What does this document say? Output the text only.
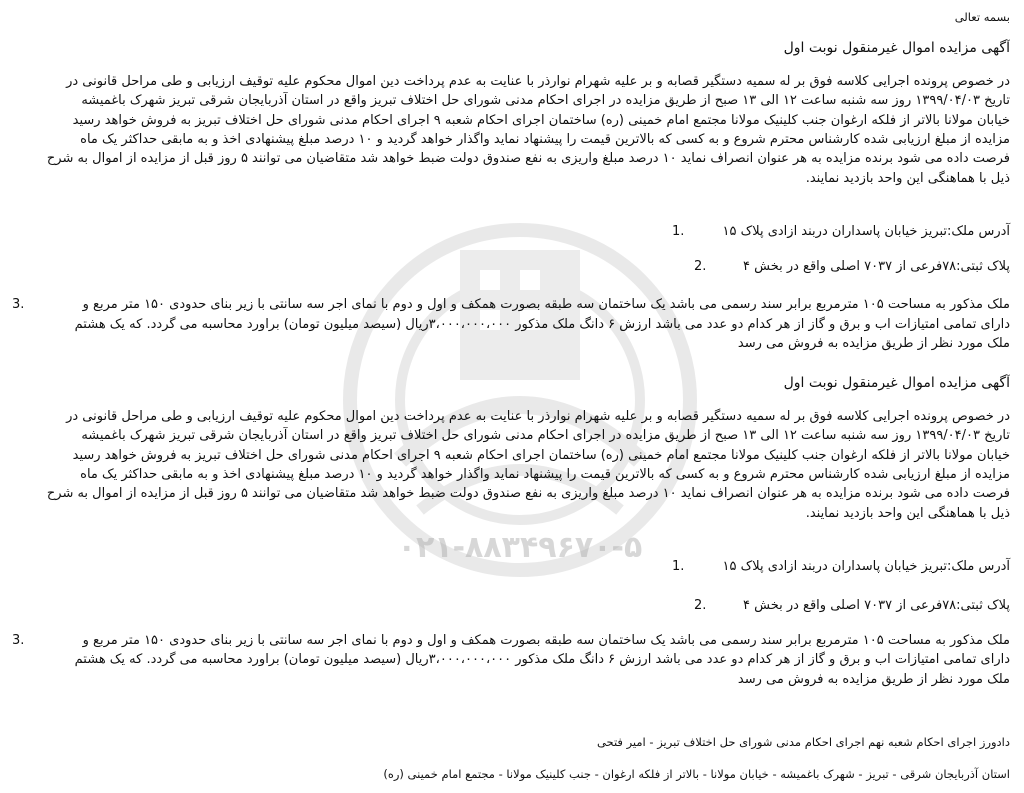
۰۲۱-۸۸۳۴۹۶۷۰-۵
بسمه تعالی
آگهی مزایده اموال غیرمنقول نوبت اول
در خصوص پرونده اجرایی کلاسه فوق بر له سمیه دستگیر قصابه و بر علیه شهرام نوارذر با عنایت به عدم پرداخت دین اموال محکوم علیه توقیف ارزیابی و طی مراحل قانونی در
تاریخ ۱۳۹۹/۰۴/۰۳ روز سه شنبه ساعت ۱۲ الی ۱۳ صبح از طریق مزایده در اجرای احکام مدنی شورای حل اختلاف تبریز واقع در استان آذربایجان شرقی تبریز شهرک باغمیشه
خیابان مولانا بالاتر از فلکه ارغوان جنب کلینیک مولانا مجتمع امام خمینی (ره) ساختمان اجرای احکام شعبه ۹ اجرای احکام مدنی شورای حل اختلاف تبریز به فروش خواهد رسید
مزایده از مبلغ ارزیابی شده کارشناس محترم شروع و به کسی که بالاترین قیمت را پیشنهاد نماید واگذار خواهد گردید و ۱۰ درصد مبلغ پیشنهادی اخذ و به مابقی حداکثر یک ماه
فرصت داده می شود برنده مزایده به هر عنوان انصراف نماید ۱۰ درصد مبلغ واریزی به نفع صندوق دولت ضبط خواهد شد متقاضیان می توانند ۵ روز قبل از مزایده از اموال به شرح
ذیل با هماهنگی این واحد بازدید نمایند.
آدرس ملک:تبریز خیابان پاسداران دربند ازادی پلاک ۱۵
1.
پلاک ثبتی:۷۸فرعی از ۷۰۳۷ اصلی واقع در بخش ۴
2.
ملک مذکور به مساحت ۱۰۵ مترمربع برابر سند رسمی می باشد یک ساختمان سه طبقه بصورت همکف و اول و دوم با نمای اجر سه سانتی با زیر بنای حدودی ۱۵۰ متر مربع و
3.
دارای تمامی امتیازات اب و برق و گاز از هر کدام دو عدد می باشد ارزش ۶ دانگ ملک مذکور ۳،۰۰۰،۰۰۰،۰۰۰ریال (سیصد میلیون تومان) براورد محاسبه می گردد. که یک هشتم
ملک مورد نظر از طریق مزایده به فروش می رسد
آگهی مزایده اموال غیرمنقول نوبت اول
در خصوص پرونده اجرایی کلاسه فوق بر له سمیه دستگیر قصابه و بر علیه شهرام نوارذر با عنایت به عدم پرداخت دین اموال محکوم علیه توقیف ارزیابی و طی مراحل قانونی در
تاریخ ۱۳۹۹/۰۴/۰۳ روز سه شنبه ساعت ۱۲ الی ۱۳ صبح از طریق مزایده در اجرای احکام مدنی شورای حل اختلاف تبریز واقع در استان آذربایجان شرقی تبریز شهرک باغمیشه
خیابان مولانا بالاتر از فلکه ارغوان جنب کلینیک مولانا مجتمع امام خمینی (ره) ساختمان اجرای احکام شعبه ۹ اجرای احکام مدنی شورای حل اختلاف تبریز به فروش خواهد رسید
مزایده از مبلغ ارزیابی شده کارشناس محترم شروع و به کسی که بالاترین قیمت را پیشنهاد نماید واگذار خواهد گردید و ۱۰ درصد مبلغ پیشنهادی اخذ و به مابقی حداکثر یک ماه
فرصت داده می شود برنده مزایده به هر عنوان انصراف نماید ۱۰ درصد مبلغ واریزی به نفع صندوق دولت ضبط خواهد شد متقاضیان می توانند ۵ روز قبل از مزایده از اموال به شرح
ذیل با هماهنگی این واحد بازدید نمایند.
آدرس ملک:تبریز خیابان پاسداران دربند ازادی پلاک ۱۵
1.
پلاک ثبتی:۷۸فرعی از ۷۰۳۷ اصلی واقع در بخش ۴
2.
ملک مذکور به مساحت ۱۰۵ مترمربع برابر سند رسمی می باشد یک ساختمان سه طبقه بصورت همکف و اول و دوم با نمای اجر سه سانتی با زیر بنای حدودی ۱۵۰ متر مربع و
3.
دارای تمامی امتیازات اب و برق و گاز از هر کدام دو عدد می باشد ارزش ۶ دانگ ملک مذکور ۳،۰۰۰،۰۰۰،۰۰۰ریال (سیصد میلیون تومان) براورد محاسبه می گردد. که یک هشتم
ملک مورد نظر از طریق مزایده به فروش می رسد
دادورز اجرای احکام شعبه نهم اجرای احکام مدنی شورای حل اختلاف تبریز - امیر فتحی
استان آذربایجان شرقی - تبریز - شهرک باغمیشه - خیابان مولانا - بالاتر از فلکه ارغوان - جنب کلینیک مولانا - مجتمع امام خمینی (ره)
